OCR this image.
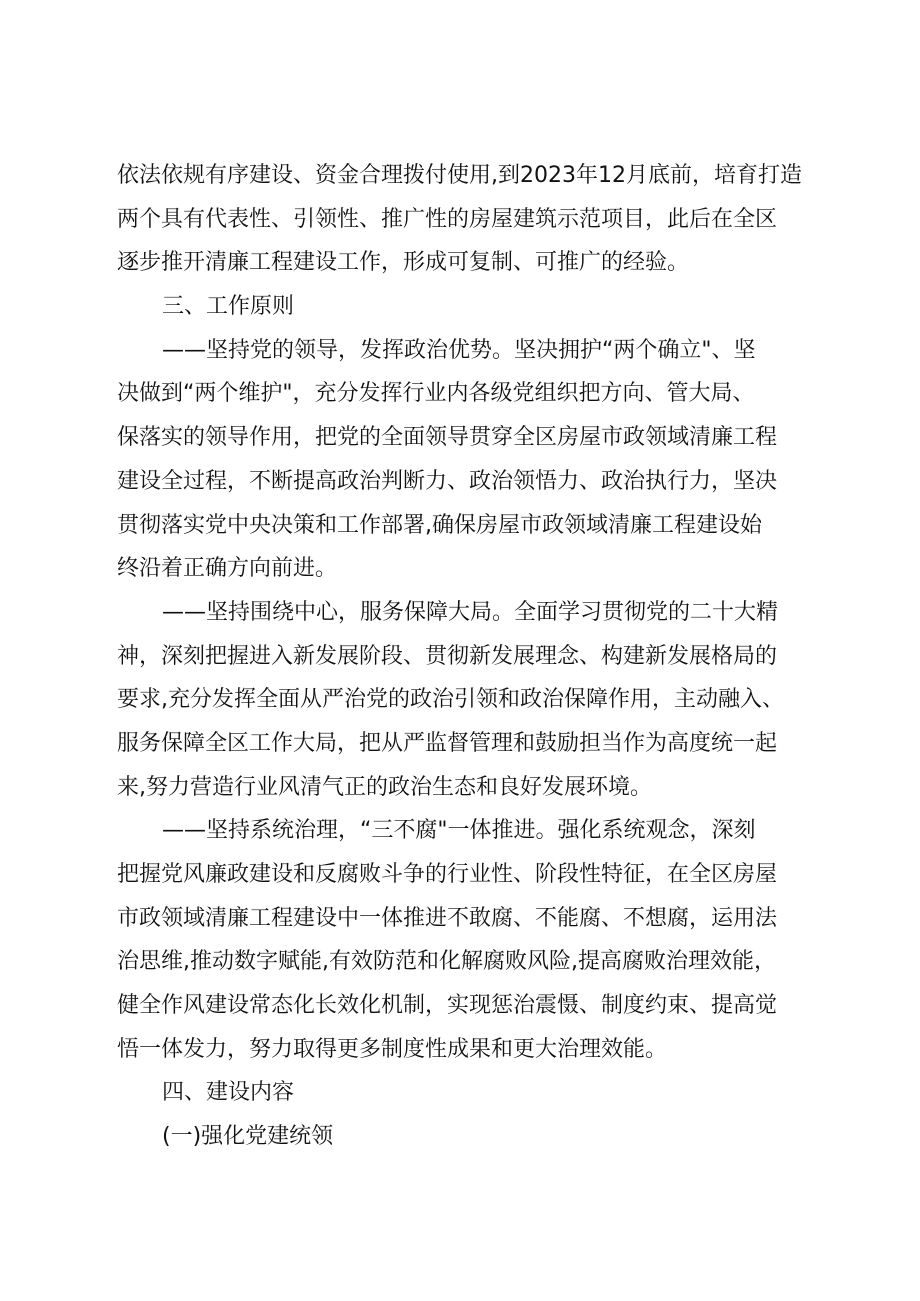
依法依规有序建设、资金合理拨付使用,到2023年12月底前，培育打造
两个具有代表性、引领性、推广性的房屋建筑示范项目，此后在全区
逐步推开清廉工程建设工作，形成可复制、可推广的经验。
三、工作原则
——坚持党的领导，发挥政治优势。坚决拥护“两个确立"、坚
决做到“两个维护"，充分发挥行业内各级党组织把方向、管大局、
保落实的领导作用，把党的全面领导贯穿全区房屋市政领域清廉工程
建设全过程，不断提高政治判断力、政治领悟力、政治执行力，坚决
贯彻落实党中央决策和工作部署,确保房屋市政领域清廉工程建设始
终沿着正确方向前进。
——坚持围绕中心，服务保障大局。全面学习贯彻党的二十大精
神，深刻把握进入新发展阶段、贯彻新发展理念、构建新发展格局的
要求,充分发挥全面从严治党的政治引领和政治保障作用，主动融入、
服务保障全区工作大局，把从严监督管理和鼓励担当作为高度统一起
来,努力营造行业风清气正的政治生态和良好发展环境。
——坚持系统治理，“三不腐"一体推进。强化系统观念，深刻
把握党风廉政建设和反腐败斗争的行业性、阶段性特征，在全区房屋
市政领域清廉工程建设中一体推进不敢腐、不能腐、不想腐，运用法
治思维,推动数字赋能,有效防范和化解腐败风险,提高腐败治理效能，
健全作风建设常态化长效化机制，实现惩治震慑、制度约束、提高觉
悟一体发力，努力取得更多制度性成果和更大治理效能。
四、建设内容
(一)强化党建统领
